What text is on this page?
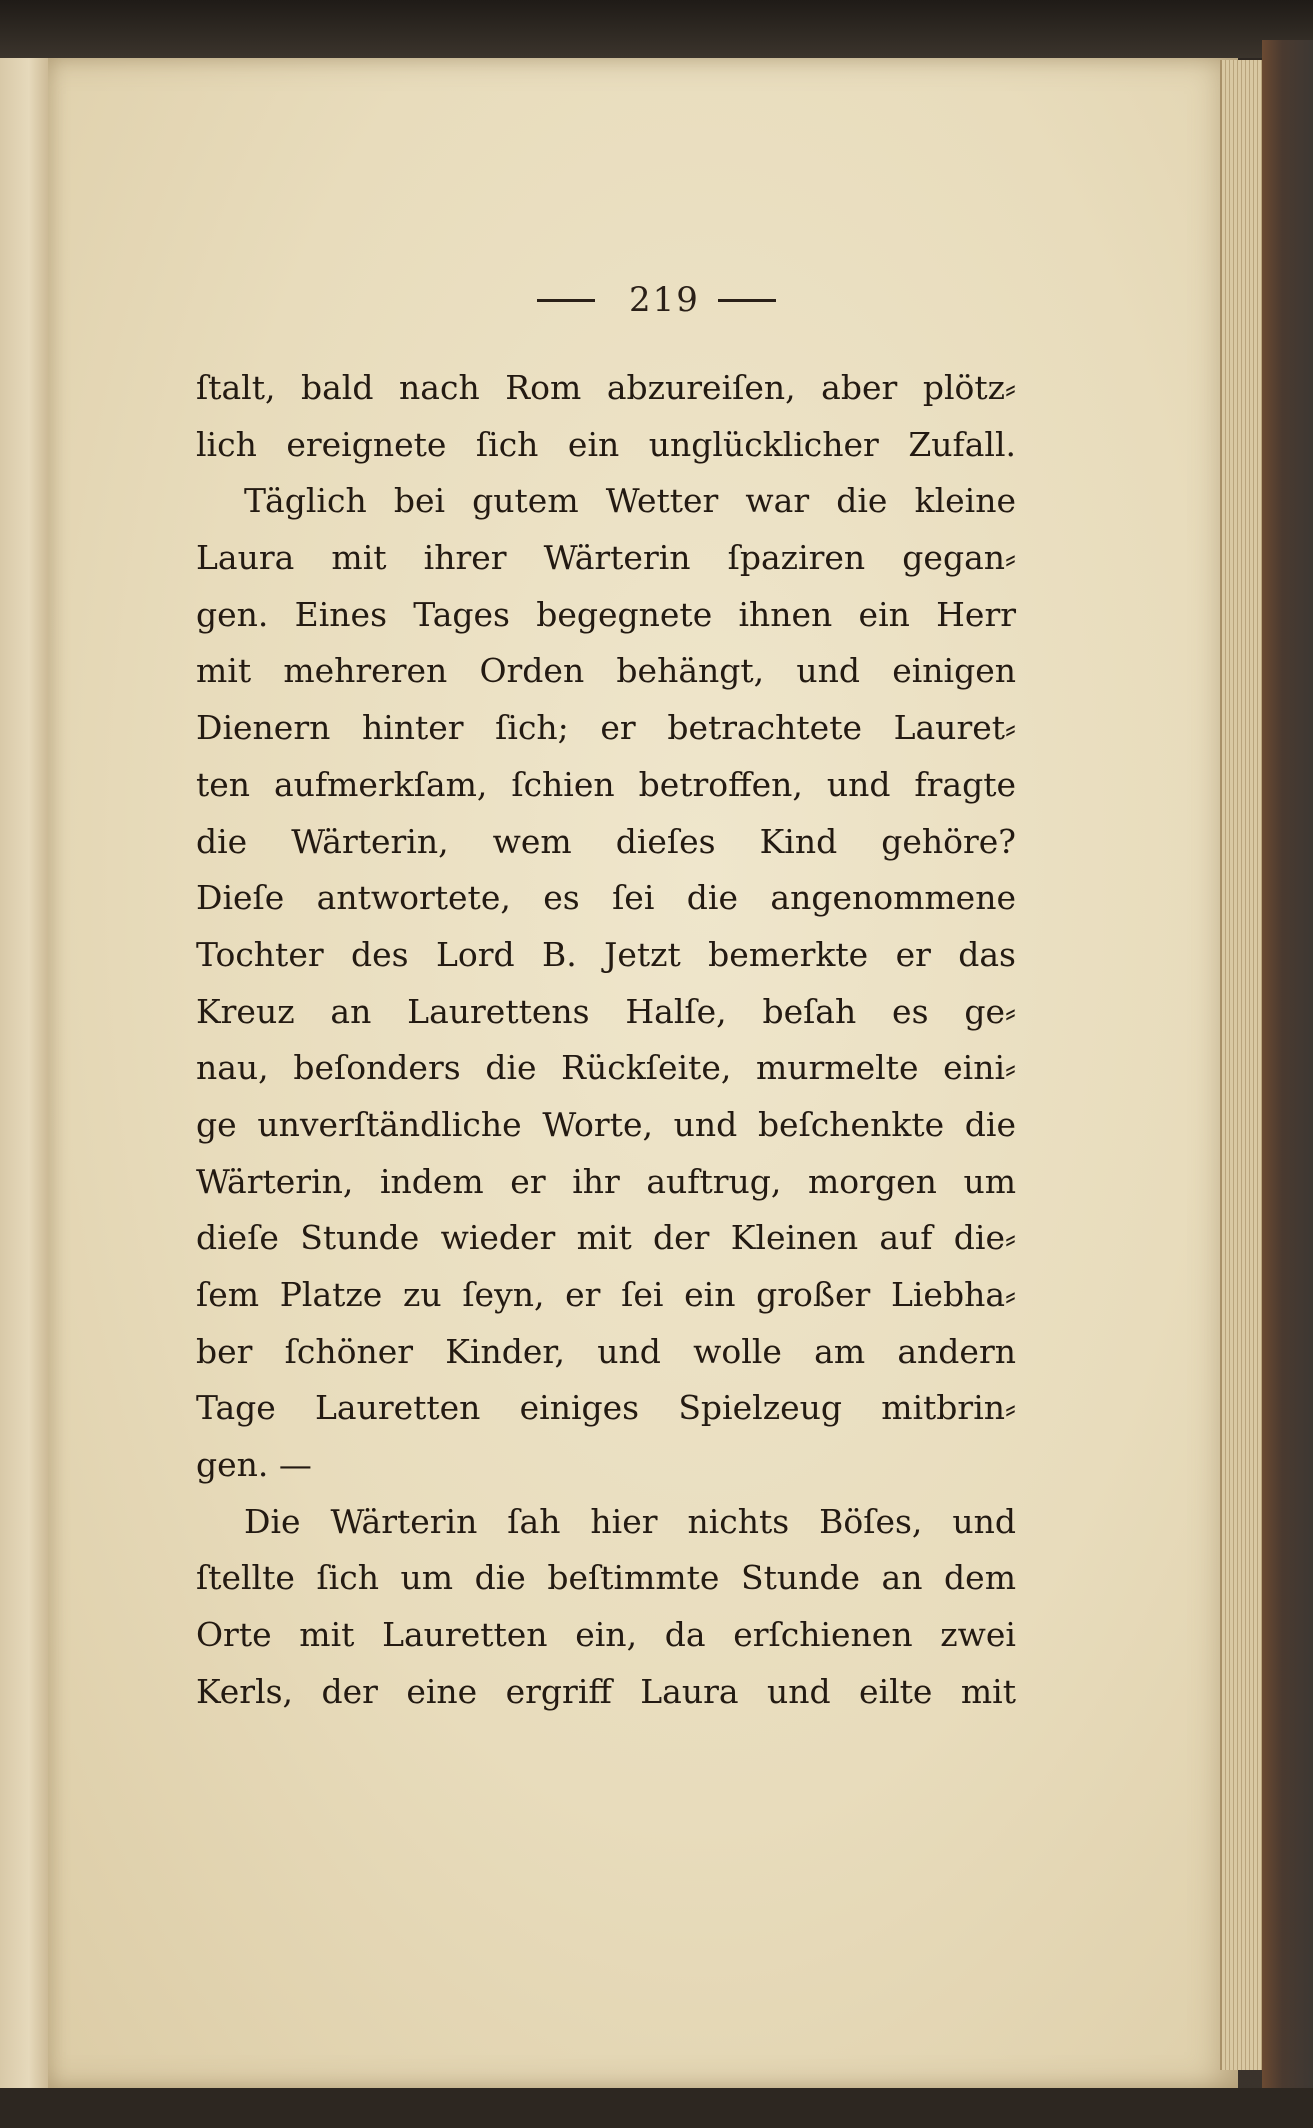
219
ſtalt, bald nach Rom abzureiſen, aber plötz⸗
lich ereignete ſich ein unglücklicher Zufall.
Täglich bei gutem Wetter war die kleine
Laura mit ihrer Wärterin ſpaziren gegan⸗
gen. Eines Tages begegnete ihnen ein Herr
mit mehreren Orden behängt, und einigen
Dienern hinter ſich; er betrachtete Lauret⸗
ten aufmerkſam, ſchien betroffen, und fragte
die Wärterin, wem dieſes Kind gehöre?
Dieſe antwortete, es ſei die angenommene
Tochter des Lord B. Jetzt bemerkte er das
Kreuz an Laurettens Halſe, beſah es ge⸗
nau, beſonders die Rückſeite, murmelte eini⸗
ge unverſtändliche Worte, und beſchenkte die
Wärterin, indem er ihr auftrug, morgen um
dieſe Stunde wieder mit der Kleinen auf die⸗
ſem Platze zu ſeyn, er ſei ein großer Liebha⸗
ber ſchöner Kinder, und wolle am andern
Tage Lauretten einiges Spielzeug mitbrin⸗
gen. —
Die Wärterin ſah hier nichts Böſes, und
ſtellte ſich um die beſtimmte Stunde an dem
Orte mit Lauretten ein, da erſchienen zwei
Kerls, der eine ergriff Laura und eilte mit
